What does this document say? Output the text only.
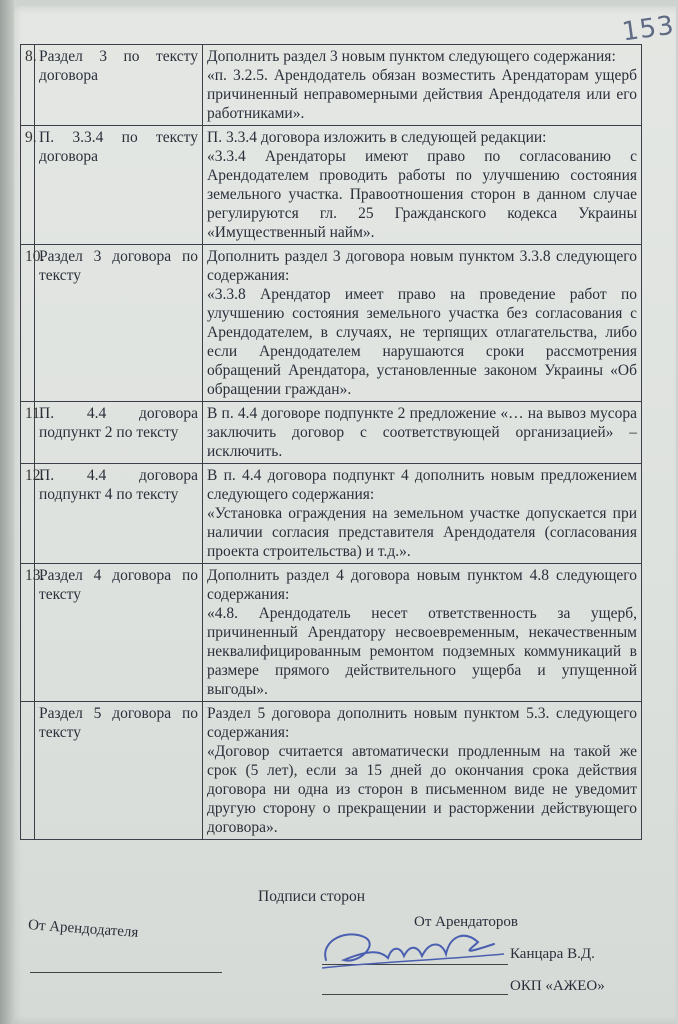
153
8.	Раздел 3 по тексту договора	Дополнить раздел 3 новым пунктом следующего содержания:

«п. 3.2.5. Арендодатель обязан возместить Арендаторам ущерб причиненный неправомерными действия Арендодателя или его работниками».

9.	П. 3.3.4 по тексту договора	П. 3.3.4 договора изложить в следующей редакции:

«3.3.4 Арендаторы имеют право по согласованию с Арендодателем проводить работы по улучшению состояния земельного участка. Правоотношения сторон в данном случае регулируются гл. 25 Гражданского кодекса Украины «Имущественный найм».

10.	Раздел 3 договора по тексту	Дополнить раздел 3 договора новым пунктом 3.3.8 следующего содержания:

«3.3.8 Арендатор имеет право на проведение работ по улучшению состояния земельного участка без согласования с Арендодателем, в случаях, не терпящих отлагательства, либо если Арендодателем нарушаются сроки рассмотрения обращений Арендатора, установленные законом Украины «Об обращении граждан».

11.	П. 4.4 договора подпункт 2 по тексту	В п. 4.4 договоре подпункте 2 предложение «… на вывоз мусора заключить договор с соответствующей организацией» – исключить.

12.	П. 4.4 договора подпункт 4 по тексту	В п. 4.4 договора подпункт 4 дополнить новым предложением следующего содержания:

«Установка ограждения на земельном участке допускается при наличии согласия представителя Арендодателя (согласования проекта строительства) и т.д.».

13.	Раздел 4 договора по тексту	Дополнить раздел 4 договора новым пунктом 4.8 следующего содержания:

«4.8. Арендодатель несет ответственность за ущерб, причиненный Арендатору несвоевременным, некачественным неквалифицированным ремонтом подземных коммуникаций в размере прямого действительного ущерба и упущенной выгоды».

	Раздел 5 договора по тексту	Раздел 5 договора дополнить новым пунктом 5.3. следующего содержания:

«Договор считается автоматически продленным на такой же срок (5 лет), если за 15 дней до окончания срока действия договора ни одна из сторон в письменном виде не уведомит другую сторону о прекращении и расторжении действующего договора».

Подписи сторон
От Арендодателя	От Арендаторов
Канцара В.Д.
ОКП «АЖЕО»
